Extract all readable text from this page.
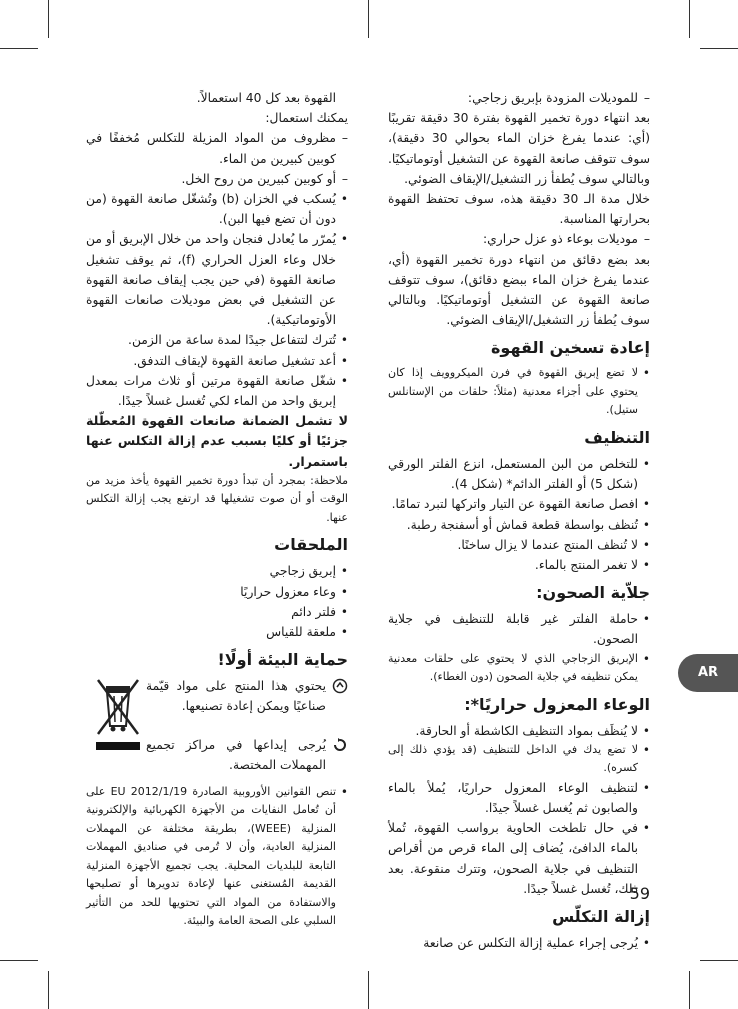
– للموديلات المزودة بإبريق زجاجي:

بعد انتهاء دورة تخمير القهوة بفترة 30 دقيقة تقريبًا (أي: عندما يفرغ خزان الماء بحوالي 30 دقيقة)، سوف تتوقف صانعة القهوة عن التشغيل أوتوماتيكيًا. وبالتالي سوف يُطفأ زر التشغيل/الإيقاف الضوئي.

خلال مدة الـ 30 دقيقة هذه، سوف تحتفظ القهوة بحرارتها المناسبة.

– موديلات بوعاء ذو عزل حراري:

بعد بضع دقائق من انتهاء دورة تخمير القهوة (أي، عندما يفرغ خزان الماء ببضع دقائق)، سوف تتوقف صانعة القهوة عن التشغيل أوتوماتيكيًا. وبالتالي سوف يُطفأ زر التشغيل/الإيقاف الضوئي.

إعادة تسخين القهوة
• لا تضع إبريق القهوة في فرن الميكروويف إذا كان يحتوي على أجزاء معدنية (مثلاً: حلقات من الإستانلس ستيل).
التنظيف
• للتخلص من البن المستعمل، انزع الفلتر الورقي (شكل 5) أو الفلتر الدائم* (شكل 4).
• افصل صانعة القهوة عن التيار واتركها لتبرد تمامًا.
• تُنظف بواسطة قطعة قماش أو أسفنجة رطبة.
• لا تُنظف المنتج عندما لا يزال ساخنًا.
• لا تغمر المنتج بالماء.
جلاّية الصحون:
• حاملة الفلتر غير قابلة للتنظيف في جلاية الصحون.
• الإبريق الزجاجي الذي لا يحتوي على حلقات معدنية يمكن تنظيفه في جلاية الصحون (دون الغطاء).
الوعاء المعزول حراريًا*:
• لا يُنظَف بمواد التنظيف الكاشطة أو الحارقة.
• لا تضع يدك في الداخل للتنظيف (قد يؤدي ذلك إلى كسره).
• لتنظيف الوعاء المعزول حراريًا، يُملأ بالماء والصابون ثم يُغسل غسلاً جيدًا.
• في حال تلطخت الحاوية برواسب القهوة، تُملأ بالماء الدافئ، يُضاف إلى الماء قرص من أقراص التنظيف في جلاية الصحون، وتترك منقوعة. بعد ذلك، تُغسل غسلاً جيدًا.
إزالة التكلّس
• يُرجى إجراء عملية إزالة التكلس عن صانعة

القهوة بعد كل 40 استعمالاً.

يمكنك استعمال:

– مظروف من المواد المزيلة للتكلس مُخففًا في كوبين كبيرين من الماء.

– أو كوبين كبيرين من روح الخل.

• يُسكب في الخزان (b) وتُشغّل صانعة القهوة (من دون أن تضع فيها البن).
• يُمرّر ما يُعادل فنجان واحد من خلال الإبريق أو من خلال وعاء العزل الحراري (f)، ثم يوقف تشغيل صانعة القهوة (في حين يجب إيقاف صانعة القهوة عن التشغيل في بعض موديلات صانعات القهوة الأوتوماتيكية).
• تُترك لتتفاعل جيدًا لمدة ساعة من الزمن.
• أعد تشغيل صانعة القهوة لإيقاف التدفق.
• شغّل صانعة القهوة مرتين أو ثلاث مرات بمعدل إبريق واحد من الماء لكي تُغسل غسلاً جيدًا.

لا تشمل الضمانة صانعات القهوة المُعطّلة جزئيًا أو كليًا بسبب عدم إزالة التكلس عنها باستمرار.

ملاحظة: بمجرد أن تبدأ دورة تخمير القهوة يأخذ مزيد من الوقت أو أن صوت تشغيلها قد ارتفع يجب إزالة التكلس عنها.

الملحقات
• إبريق زجاجي
• وعاء معزول حراريًا
• فلتر دائم
• ملعقة للقياس
حماية البيئة أولًا!

يحتوي هذا المنتج على مواد قيّمة صناعيًا ويمكن إعادة تصنيعها.

يُرجى إيداعها في مراكز تجميع المهملات المختصة.

• تنص القوانين الأوروبية الصادرة EU 2012/1/19 على أن تُعامل النفايات من الأجهزة الكهربائية والإلكترونية المنزلية (WEEE)، بطريقة مختلفة عن المهملات المنزلية العادية، وأن لا تُرمى في صناديق المهملات التابعة للبلديات المحلية. يجب تجميع الأجهزة المنزلية القديمة المُستغنى عنها لإعادة تدويرها أو تصليحها والاستفادة من المواد التي تحتويها للحد من التأثير السلبي على الصحة العامة والبيئة.
AR
59
